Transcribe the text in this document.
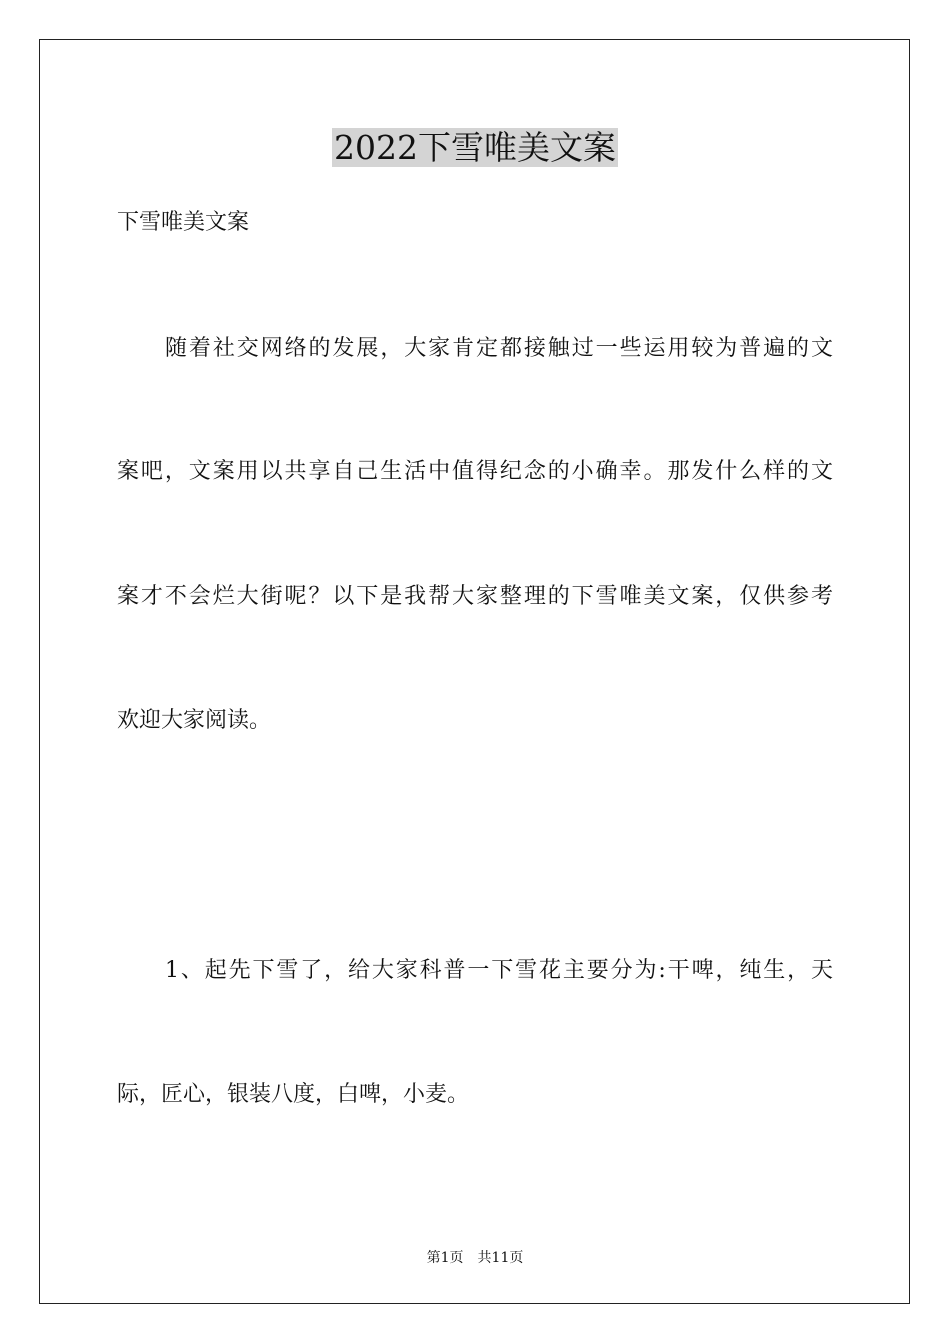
2022下雪唯美文案
下雪唯美文案
随着社交网络的发展，大家肯定都接触过一些运用较为普遍的文
案吧，文案用以共享自己生活中值得纪念的小确幸。那发什么样的文
案才不会烂大街呢？以下是我帮大家整理的下雪唯美文案，仅供参考
欢迎大家阅读。
1、起先下雪了，给大家科普一下雪花主要分为:干啤，纯生，天
际，匠心，银装八度，白啤，小麦。
第1页　共11页
